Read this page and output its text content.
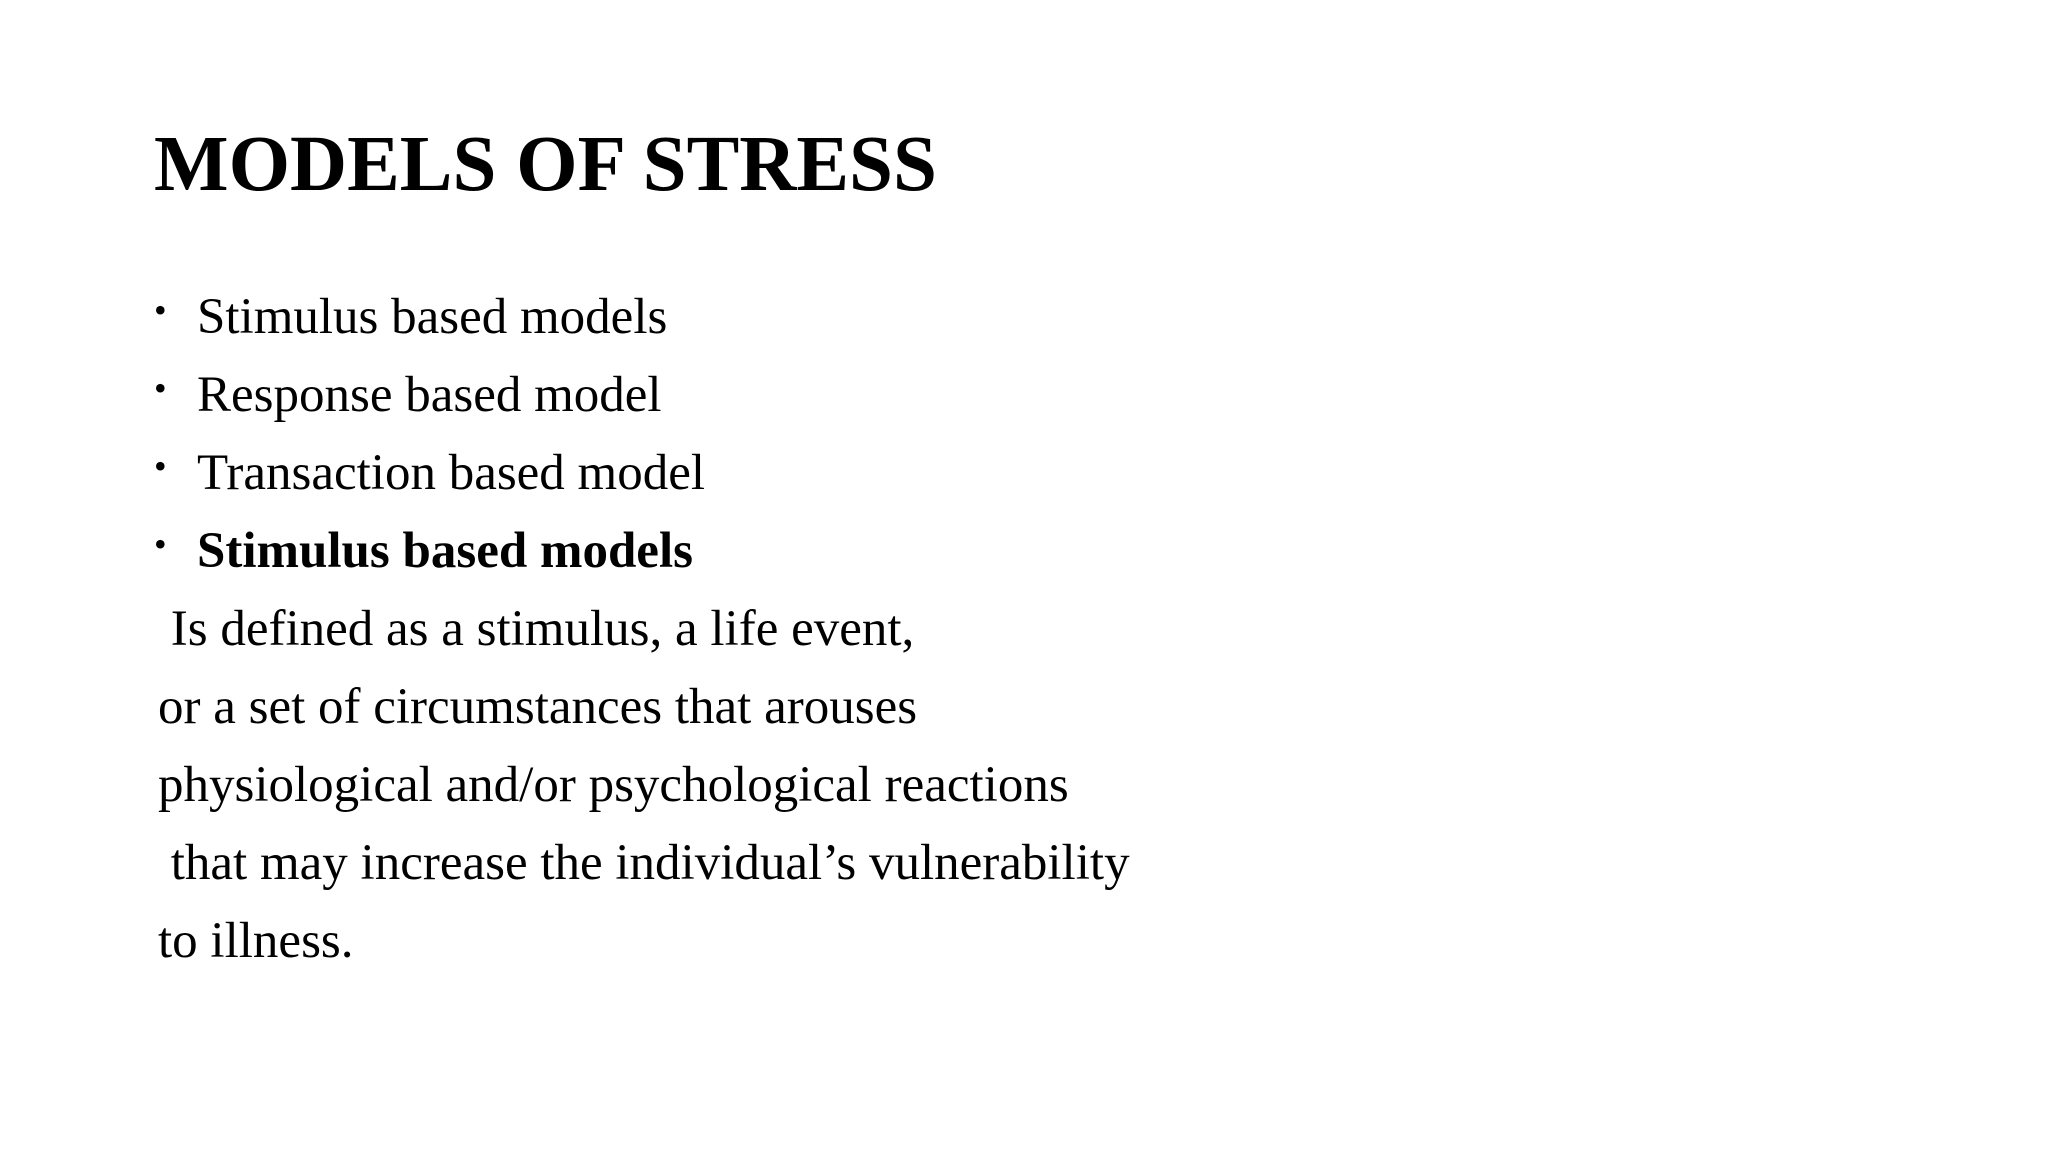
MODELS OF STRESS
• Stimulus based models
• Response based model
• Transaction based model
• Stimulus based models
Is defined as a stimulus, a life event,
or a set of circumstances that arouses
physiological and/or psychological reactions
that may increase the individual’s vulnerability
to illness.
